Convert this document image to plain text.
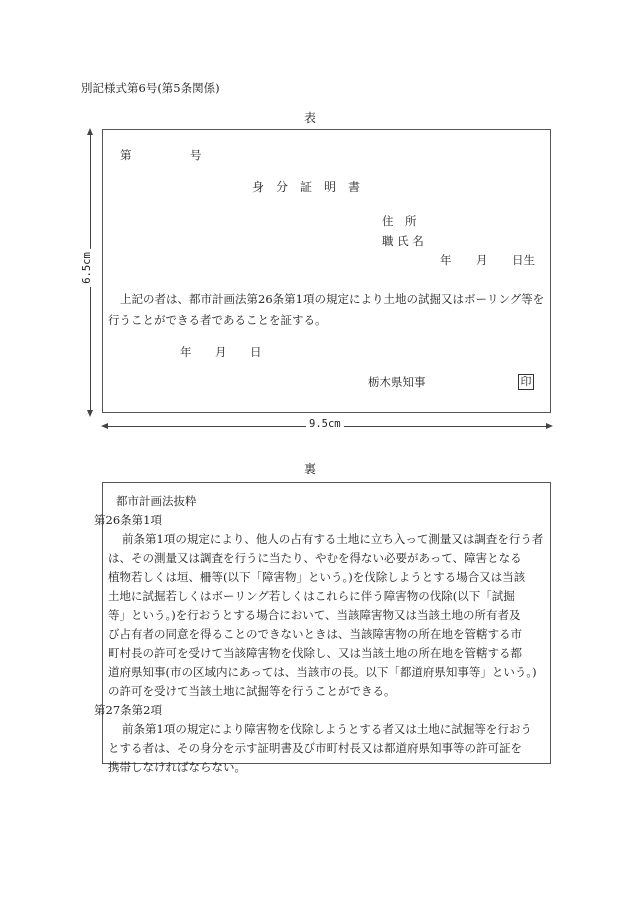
別記様式第6号(第5条関係)
表
6.5cm
第	号
身　分　証　明　書
住　所
職 氏 名
年 月 日生
上記の者は、都市計画法第26条第1項の規定により土地の試掘又はボーリング等を
行うことができる者であることを証する。
年 月 日
栃木県知事	印
9.5cm
裏

都市計画法抜粋

第26条第1項

前条第1項の規定により、他人の占有する土地に立ち入って測量又は調査を行う者
は、その測量又は調査を行うに当たり、やむを得ない必要があって、障害となる
植物若しくは垣、柵等(以下「障害物」という。)を伐除しようとする場合又は当該
土地に試掘若しくはボーリング若しくはこれらに伴う障害物の伐除(以下「試掘
等」という。)を行おうとする場合において、当該障害物又は当該土地の所有者及
び占有者の同意を得ることのできないときは、当該障害物の所在地を管轄する市
町村長の許可を受けて当該障害物を伐除し、又は当該土地の所在地を管轄する都
道府県知事(市の区域内にあっては、当該市の長。以下「都道府県知事等」という。)
の許可を受けて当該土地に試掘等を行うことができる。

第27条第2項

前条第1項の規定により障害物を伐除しようとする者又は土地に試掘等を行おう
とする者は、その身分を示す証明書及び市町村長又は都道府県知事等の許可証を
携帯しなければならない。
